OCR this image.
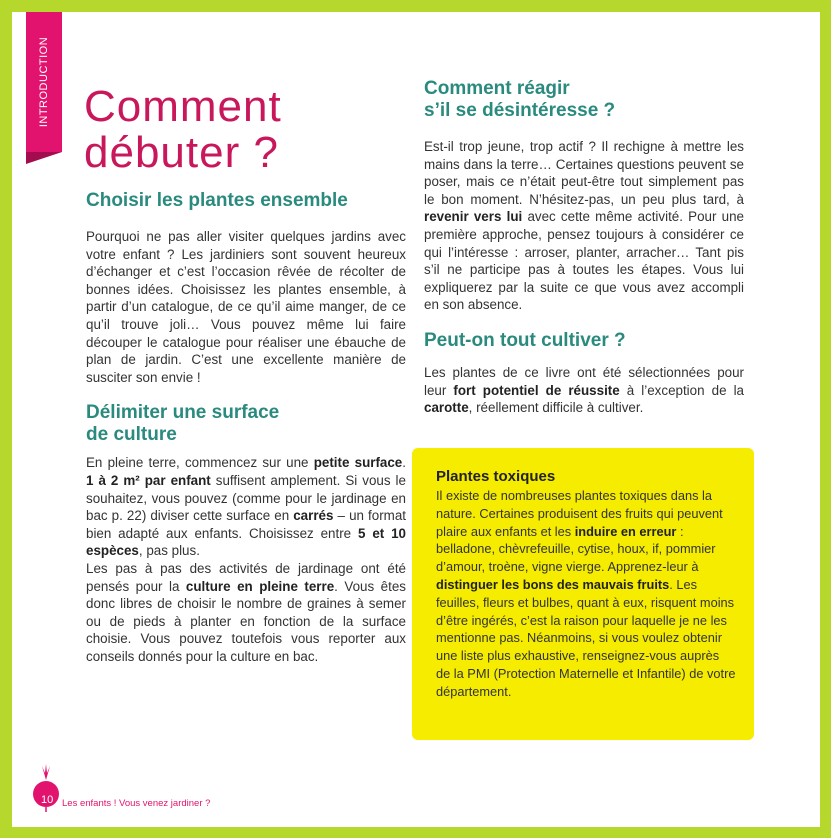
INTRODUCTION Comment
débuter ?
Choisir les plantes ensemble

Pourquoi ne pas aller visiter quelques jardins avec votre enfant ? Les jardiniers sont souvent heureux d’échanger et c’est l’occasion rêvée de récolter de bonnes idées. Choisissez les plantes ensemble, à partir d’un catalogue, de ce qu’il aime manger, de ce qu’il trouve joli… Vous pouvez même lui faire découper le catalogue pour réaliser une ébauche de plan de jardin. C’est une excellente manière de susciter son envie !

Délimiter une surface
de culture

En pleine terre, commencez sur une petite surface. 1 à 2 m² par enfant suffisent amplement. Si vous le souhaitez, vous pouvez (comme pour le jardinage en bac p. 22) diviser cette surface en carrés – un format bien adapté aux enfants. Choisissez entre 5 et 10 espèces, pas plus.

Les pas à pas des activités de jardinage ont été pensés pour la culture en pleine terre. Vous êtes donc libres de choisir le nombre de graines à semer ou de pieds à planter en fonction de la surface choisie. Vous pouvez toutefois vous reporter aux conseils donnés pour la culture en bac.

Comment réagir
s’il se désintéresse ?

Est-il trop jeune, trop actif ? Il rechigne à mettre les mains dans la terre… Certaines questions peuvent se poser, mais ce n’était peut-être tout simplement pas le bon moment. N’hésitez-pas, un peu plus tard, à revenir vers lui avec cette même activité. Pour une première approche, pensez toujours à considérer ce qui l’intéresse : arroser, planter, arracher… Tant pis s’il ne participe pas à toutes les étapes. Vous lui expliquerez par la suite ce que vous avez accompli en son absence.

Peut-on tout cultiver ?

Les plantes de ce livre ont été sélectionnées pour leur fort potentiel de réussite à l’exception de la carotte, réellement difficile à cultiver.

Plantes toxiques

Il existe de nombreuses plantes toxiques dans la nature. Certaines produisent des fruits qui peuvent plaire aux enfants et les induire en erreur : belladone, chèvrefeuille, cytise, houx, if, pommier d’amour, troène, vigne vierge. Apprenez-leur à distinguer les bons des mauvais fruits. Les feuilles, fleurs et bulbes, quant à eux, risquent moins d’être ingérés, c’est la raison pour laquelle je ne les mentionne pas. Néanmoins, si vous voulez obtenir une liste plus exhaustive, renseignez-vous auprès de la PMI (Protection Maternelle et Infantile) de votre département.

10 Les enfants ! Vous venez jardiner ?
